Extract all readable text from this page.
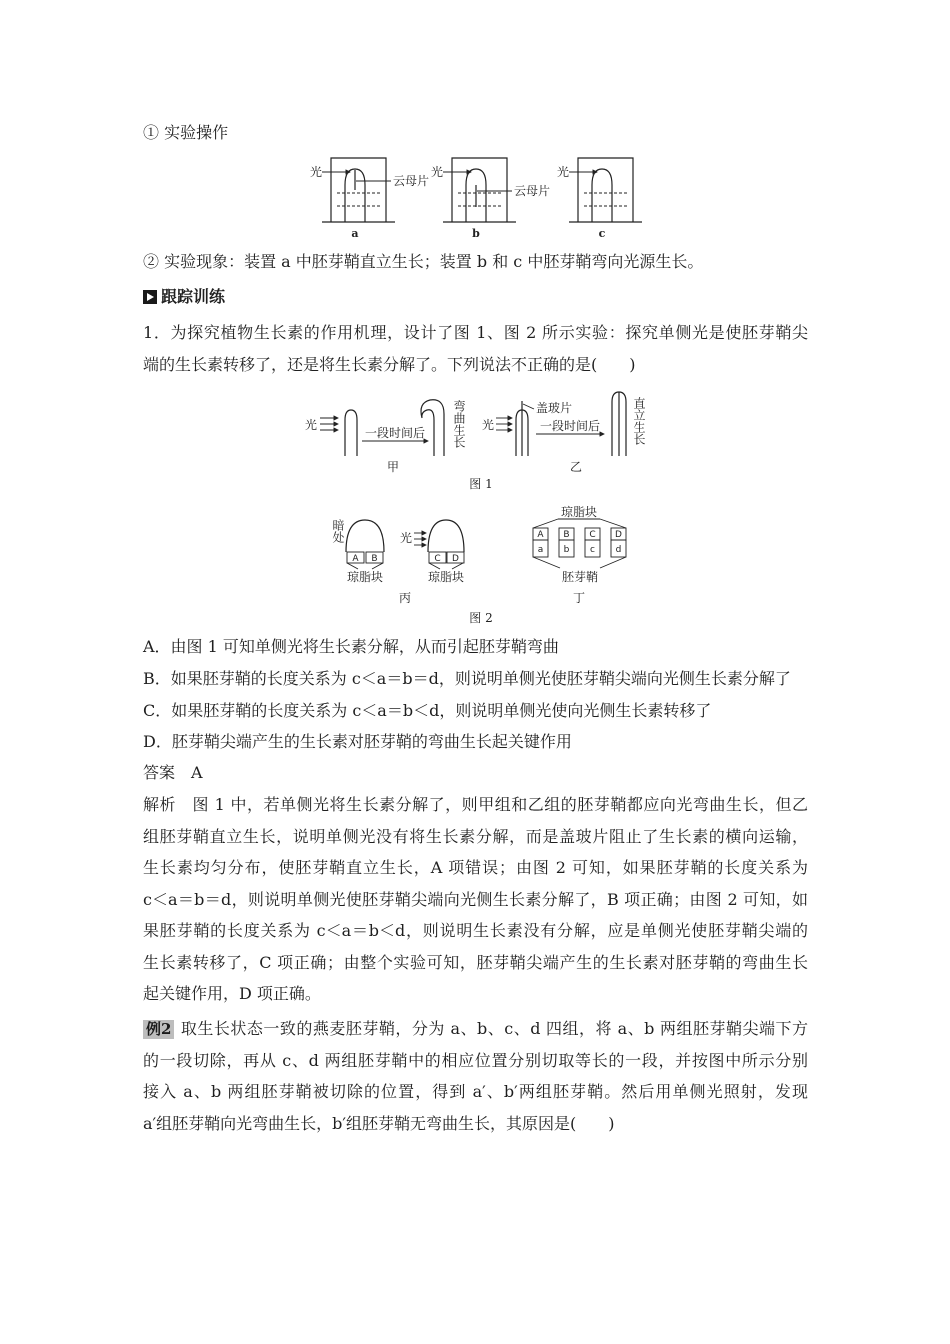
① 实验操作
光
云母片
a
光
云母片
b
光
c
② 实验现象：装置 a 中胚芽鞘直立生长；装置 b 和 c 中胚芽鞘弯向光源生长。
跟踪训练
1．为探究植物生长素的作用机理，设计了图 1、图 2 所示实验：探究单侧光是使胚芽鞘尖
端的生长素转移了，还是将生长素分解了。下列说法不正确的是(　　)
光
一段时间后
甲
光
盖玻片
一段时间后
乙
图 1
弯曲生长	直立生长
A B
琼脂块
光
C D
琼脂块
丙
琼脂块
A B C D
a b c d
胚芽鞘
丁
图 2
暗处
A．由图 1 可知单侧光将生长素分解，从而引起胚芽鞘弯曲
B．如果胚芽鞘的长度关系为 c＜a＝b＝d，则说明单侧光使胚芽鞘尖端向光侧生长素分解了
C．如果胚芽鞘的长度关系为 c＜a＝b＜d，则说明单侧光使向光侧生长素转移了
D．胚芽鞘尖端产生的生长素对胚芽鞘的弯曲生长起关键作用
答案　A
解析　图 1 中，若单侧光将生长素分解了，则甲组和乙组的胚芽鞘都应向光弯曲生长，但乙
组胚芽鞘直立生长，说明单侧光没有将生长素分解，而是盖玻片阻止了生长素的横向运输，
生长素均匀分布，使胚芽鞘直立生长，A 项错误；由图 2 可知，如果胚芽鞘的长度关系为
c＜a＝b＝d，则说明单侧光使胚芽鞘尖端向光侧生长素分解了，B 项正确；由图 2 可知，如
果胚芽鞘的长度关系为 c＜a＝b＜d，则说明生长素没有分解，应是单侧光使胚芽鞘尖端的
生长素转移了，C 项正确；由整个实验可知，胚芽鞘尖端产生的生长素对胚芽鞘的弯曲生长
起关键作用，D 项正确。
例2 取生长状态一致的燕麦胚芽鞘，分为 a、b、c、d 四组，将 a、b 两组胚芽鞘尖端下方
的一段切除，再从 c、d 两组胚芽鞘中的相应位置分别切取等长的一段，并按图中所示分别
接入 a、b 两组胚芽鞘被切除的位置，得到 a′、b′两组胚芽鞘。然后用单侧光照射，发现
a′组胚芽鞘向光弯曲生长，b′组胚芽鞘无弯曲生长，其原因是(　　)
